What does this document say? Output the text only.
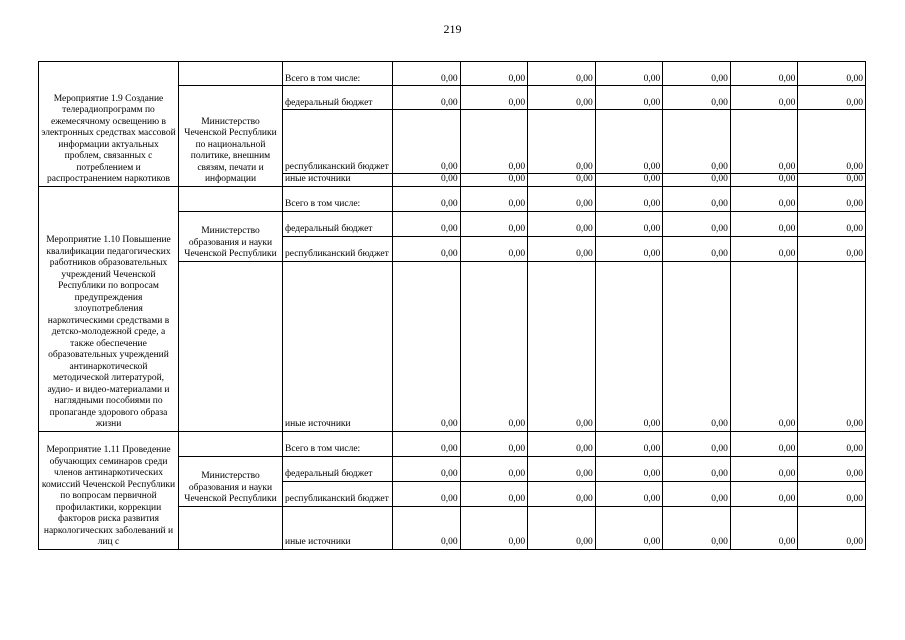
219
Мероприятие 1.9 Создание телерадиопрограмм по ежемесячному освещению в электронных средствах массовой информации актуальных проблем, связанных с потреблением и распространением наркотиков		Всего в том числе:	0,00	0,00	0,00	0,00	0,00	0,00	0,00
	Министерство Чеченской Республики по национальной политике, внешним связям, печати и информации	федеральный бюджет	0,00	0,00	0,00	0,00	0,00	0,00	0,00
		республиканский бюджет	0,00	0,00	0,00	0,00	0,00	0,00	0,00
		иные источники	0,00	0,00	0,00	0,00	0,00	0,00	0,00
Мероприятие 1.10 Повышение квалификации педагогических работников образовательных учреждений Чеченской Республики по вопросам предупреждения злоупотребления наркотическими средствами в детско-молодежной среде, а также обеспечение образовательных учреждений антинаркотической методической литературой, аудио- и видео-материалами и наглядными пособиями по пропаганде здорового образа жизни		Всего в том числе:	0,00	0,00	0,00	0,00	0,00	0,00	0,00
	Министерство образования и науки Чеченской Республики	федеральный бюджет	0,00	0,00	0,00	0,00	0,00	0,00	0,00
		республиканский бюджет	0,00	0,00	0,00	0,00	0,00	0,00	0,00
		иные источники	0,00	0,00	0,00	0,00	0,00	0,00	0,00
Мероприятие 1.11 Проведение обучающих семинаров среди членов антинаркотических комиссий Чеченской Республики по вопросам первичной профилактики, коррекции факторов риска развития наркологических заболеваний и лиц с		Всего в том числе:	0,00	0,00	0,00	0,00	0,00	0,00	0,00
	Министерство образования и науки Чеченской Республики	федеральный бюджет	0,00	0,00	0,00	0,00	0,00	0,00	0,00
		республиканский бюджет	0,00	0,00	0,00	0,00	0,00	0,00	0,00
		иные источники	0,00	0,00	0,00	0,00	0,00	0,00	0,00
